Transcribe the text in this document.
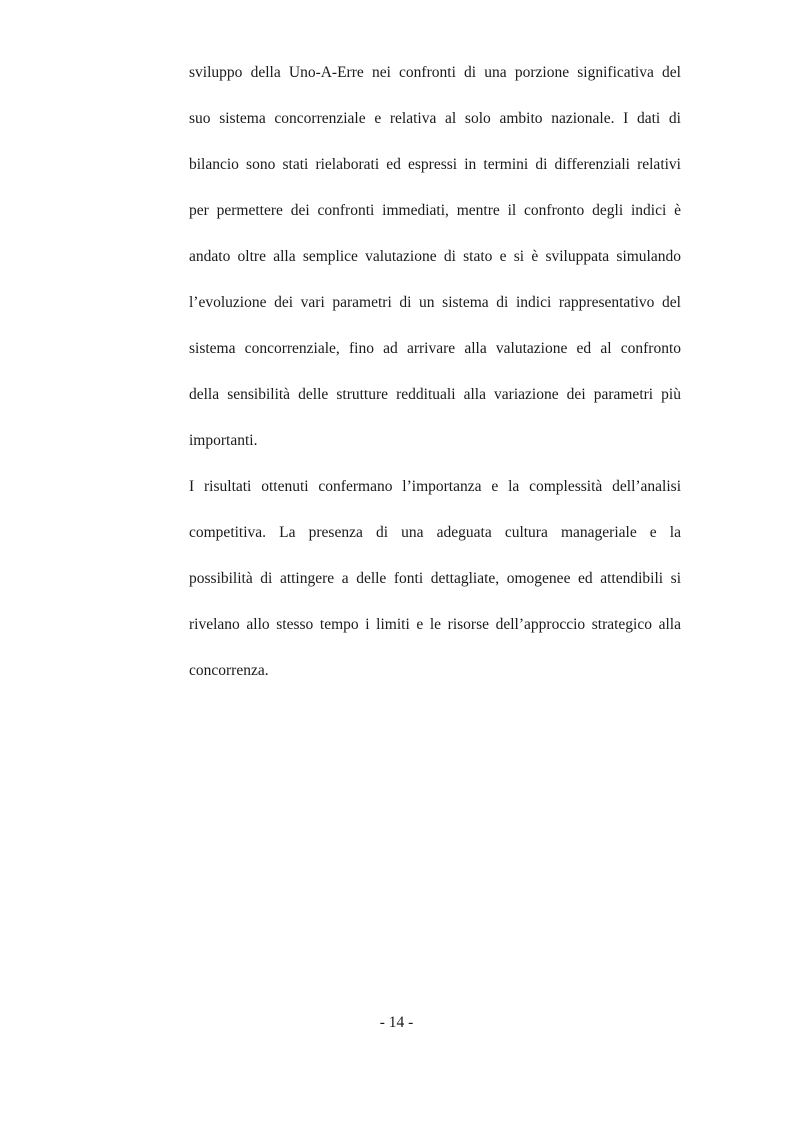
sviluppo della Uno-A-Erre nei confronti di una porzione significativa del
suo sistema concorrenziale e relativa al solo ambito nazionale. I dati di
bilancio sono stati rielaborati ed espressi in termini di differenziali relativi
per permettere dei confronti immediati, mentre il confronto degli indici è
andato oltre alla semplice valutazione di stato e si è sviluppata simulando
l’evoluzione dei vari parametri di un sistema di indici rappresentativo del
sistema concorrenziale, fino ad arrivare alla valutazione ed al confronto
della sensibilità delle strutture reddituali alla variazione dei parametri più
importanti.
I risultati ottenuti confermano l’importanza e la complessità dell’analisi
competitiva. La presenza di una adeguata cultura manageriale e la
possibilità di attingere a delle fonti dettagliate, omogenee ed attendibili si
rivelano allo stesso tempo i limiti e le risorse dell’approccio strategico alla
concorrenza.
- 14 -
